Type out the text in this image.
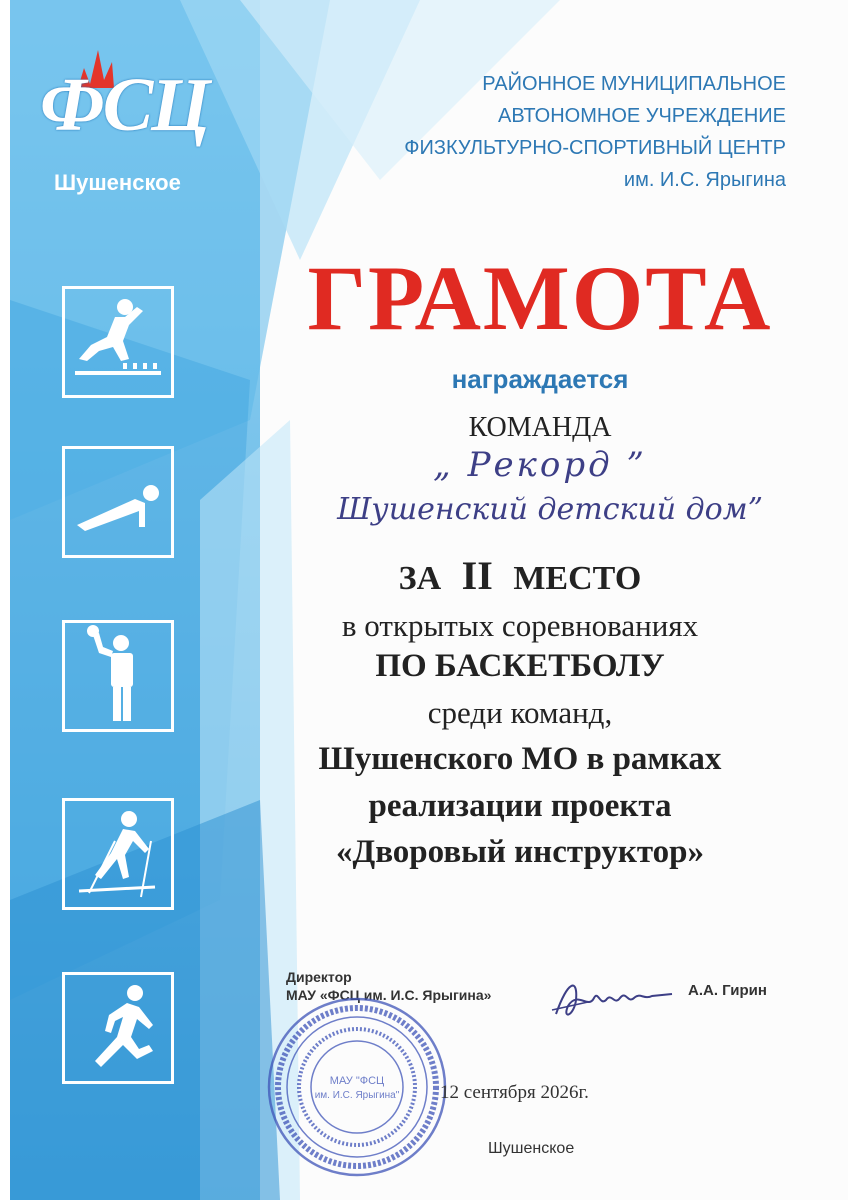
ФСЦ
Шушенское
РАЙОННОЕ МУНИЦИПАЛЬНОЕ
АВТОНОМНОЕ УЧРЕЖДЕНИЕ
ФИЗКУЛЬТУРНО-СПОРТИВНЫЙ ЦЕНТР
им. И.С. Ярыгина
ГРАМОТА
награждается
КОМАНДА
„ Рекорд ”
Шушенский детский дом”
ЗА II МЕСТО
в открытых соревнованиях
ПО БАСКЕТБОЛУ
среди команд,
Шушенского МО в рамках
реализации проекта
«Дворовый инструктор»
Директор
МАУ «ФСЦ им. И.С. Ярыгина»	А.А. Гирин
МАУ "ФСЦ
им. И.С. Ярыгина" 12 сентября 2026г.
Шушенское
